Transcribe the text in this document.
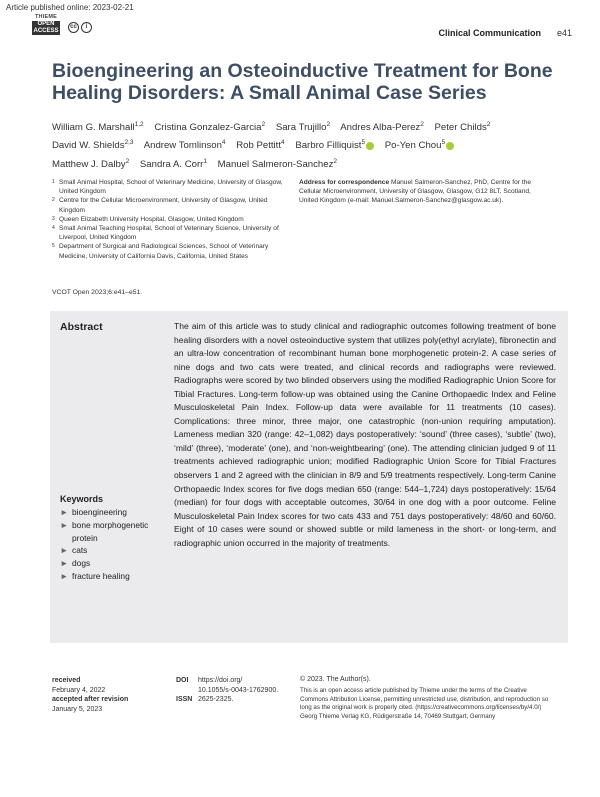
Article published online: 2023-02-21
THIEME
OPEN ACCESS
cc	i
Clinical Communication e41
Bioengineering an Osteoinductive Treatment for Bone Healing Disorders: A Small Animal Case Series
William G. Marshall$^{1,2}$ Cristina Gonzalez-Garcia$^2$ Sara Trujillo$^2$ Andres Alba-Perez$^2$ Peter Childs$^2$
David W. Shields$^{2,3}$ Andrew Tomlinson$^4$ Rob Pettitt$^4$ Barbro Filliquist$^5$ Po-Yen Chou$^5$
Matthew J. Dalby$^2$ Sandra A. Corr$^1$ Manuel Salmeron-Sanchez$^2$
1 Small Animal Hospital, School of Veterinary Medicine, University of Glasgow, United Kingdom
2 Centre for the Cellular Microenvironment, University of Glasgow, United Kingdom
3 Queen Elizabeth University Hospital, Glasgow, United Kingdom
4 Small Animal Teaching Hospital, School of Veterinary Science, University of Liverpool, United Kingdom
5 Department of Surgical and Radiological Sciences, School of Veterinary Medicine, University of California Davis, California, United States
Address for correspondence Manuel Salmeron-Sanchez, PhD, Centre for the Cellular Microenvironment, University of Glasgow, Glasgow, G12 8LT, Scotland, United Kingdom (e-mail: Manuel.Salmeron-Sanchez@glasgow.ac.uk).
VCOT Open 2023;6:e41–e51.
Abstract	The aim of this article was to study clinical and radiographic outcomes following treatment of bone healing disorders with a novel osteoinductive system that utilizes poly(ethyl acrylate), fibronectin and an ultra-low concentration of recombinant human bone morphogenetic protein-2. A case series of nine dogs and two cats were treated, and clinical records and radiographs were reviewed. Radiographs were scored by two blinded observers using the modified Radiographic Union Score for Tibial Fractures. Long-term follow-up was obtained using the Canine Orthopaedic Index and Feline Musculoskeletal Pain Index. Follow-up data were available for 11 treatments (10 cases). Complications: three minor, three major, one catastrophic (non-union requiring amputation). Lameness median 320 (range: 42–1,082) days postoperatively: ‘sound’ (three cases), ‘subtle’ (two), ‘mild’ (three), ‘moderate’ (one), and ‘non-weightbearing’ (one). The attending clinician judged 9 of 11 treatments achieved radiographic union; modified Radiographic Union Score for Tibial Fractures observers 1 and 2 agreed with the clinician in 8/9 and 5/9 treatments respectively. Long-term Canine Orthopaedic Index scores for five dogs median 650 (range: 544–1,724) days postoperatively: 15/64 (median) for four dogs with acceptable outcomes, 30/64 in one dog with a poor outcome. Feline Musculoskeletal Pain Index scores for two cats 433 and 751 days postoperatively: 48/60 and 60/60. Eight of 10 cases were sound or showed subtle or mild lameness in the short- or long-term, and radiographic union occurred in the majority of treatments.

Keywords
► bioengineering
► bone morphogenetic protein
► cats
► dogs
► fracture healing
received
February 4, 2022
accepted after revision
January 5, 2023
DOI https://doi.org/
10.1055/s-0043-1762900.
ISSN 2625-2325.
© 2023. The Author(s).
This is an open access article published by Thieme under the terms of the Creative Commons Attribution License, permitting unrestricted use, distribution, and reproduction so long as the original work is properly cited. (https://creativecommons.org/licenses/by/4.0/)
Georg Thieme Verlag KG, Rüdigerstraße 14, 70469 Stuttgart, Germany
